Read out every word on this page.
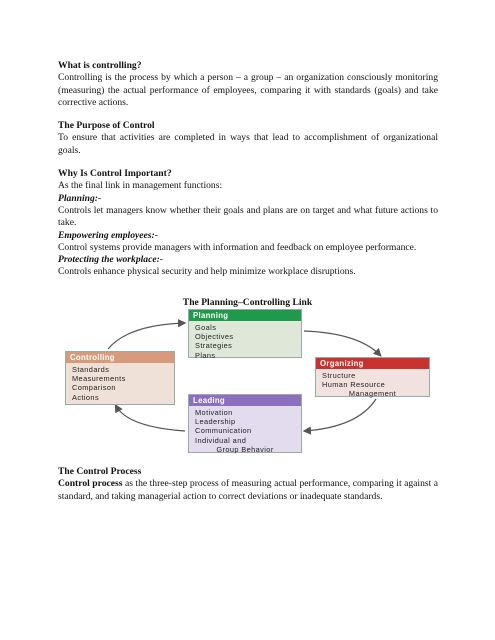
What is controlling?

Controlling is the process by which a person – a group – an organization consciously monitoring (measuring) the actual performance of employees, comparing it with standards (goals) and take corrective actions.

The Purpose of Control

To ensure that activities are completed in ways that lead to accomplishment of organizational goals.

Why Is Control Important?

As the final link in management functions:

Planning:-

Controls let managers know whether their goals and plans are on target and what future actions to take.

Empowering employees:-

Control systems provide managers with information and feedback on employee performance.

Protecting the workplace:-

Controls enhance physical security and help minimize workplace disruptions.

The Planning–Controlling Link
Planning
Goals
Objectives
Strategies
Plans
Controlling
Standards
Measurements
Comparison
Actions
Organizing
Structure
Human Resource
Management
Leading
Motivation
Leadership
Communication
Individual and
Group Behavior
The Control Process

Control process as the three-step process of measuring actual performance, comparing it against a standard, and taking managerial action to correct deviations or inadequate standards.
